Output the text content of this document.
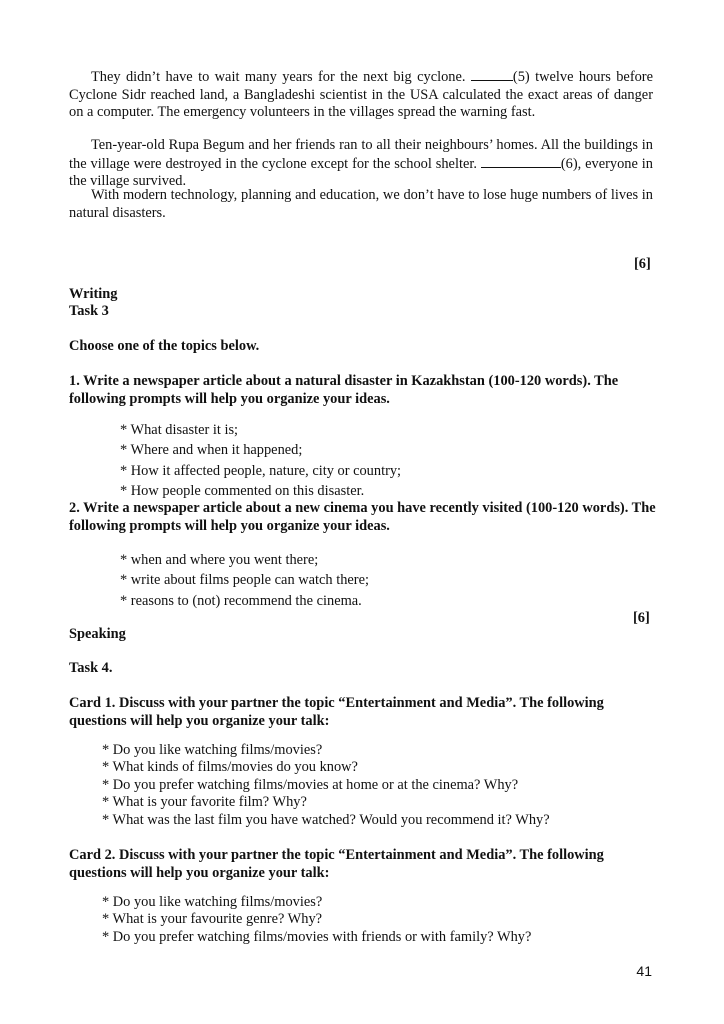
They didn’t have to wait many years for the next big cyclone.	(5) twelve hours before Cyclone Sidr reached land, a Bangladeshi scientist in the USA calculated the exact areas of danger on a computer. The emergency volunteers in the villages spread the warning fast.

Ten-year-old Rupa Begum and her friends ran to all their neighbours’ homes. All the buildings in the village were destroyed in the cyclone except for the school shelter.	(6), everyone in the village survived.

With modern technology, planning and education, we don’t have to lose huge numbers of lives in natural disasters.

[6]
Writing
Task 3
Choose one of the topics below.

1. Write a newspaper article about a natural disaster in Kazakhstan (100-120 words). The following prompts will help you organize your ideas.

* What disaster it is;
* Where and when it happened;
* How it affected people, nature, city or country;
* How people commented on this disaster.

2. Write a newspaper article about a new cinema you have recently visited (100-120 words). The following prompts will help you organize your ideas.

* when and where you went there;
* write about films people can watch there;
* reasons to (not) recommend the cinema.
[6]
Speaking
Task 4.

Card 1. Discuss with your partner the topic “Entertainment and Media”. The following questions will help you organize your talk:

* Do you like watching films/movies?
* What kinds of films/movies do you know?
* Do you prefer watching films/movies at home or at the cinema? Why?
* What is your favorite film? Why?
* What was the last film you have watched? Would you recommend it? Why?

Card 2. Discuss with your partner the topic “Entertainment and Media”. The following questions will help you organize your talk:

* Do you like watching films/movies?
* What is your favourite genre? Why?
* Do you prefer watching films/movies with friends or with family? Why?
41
